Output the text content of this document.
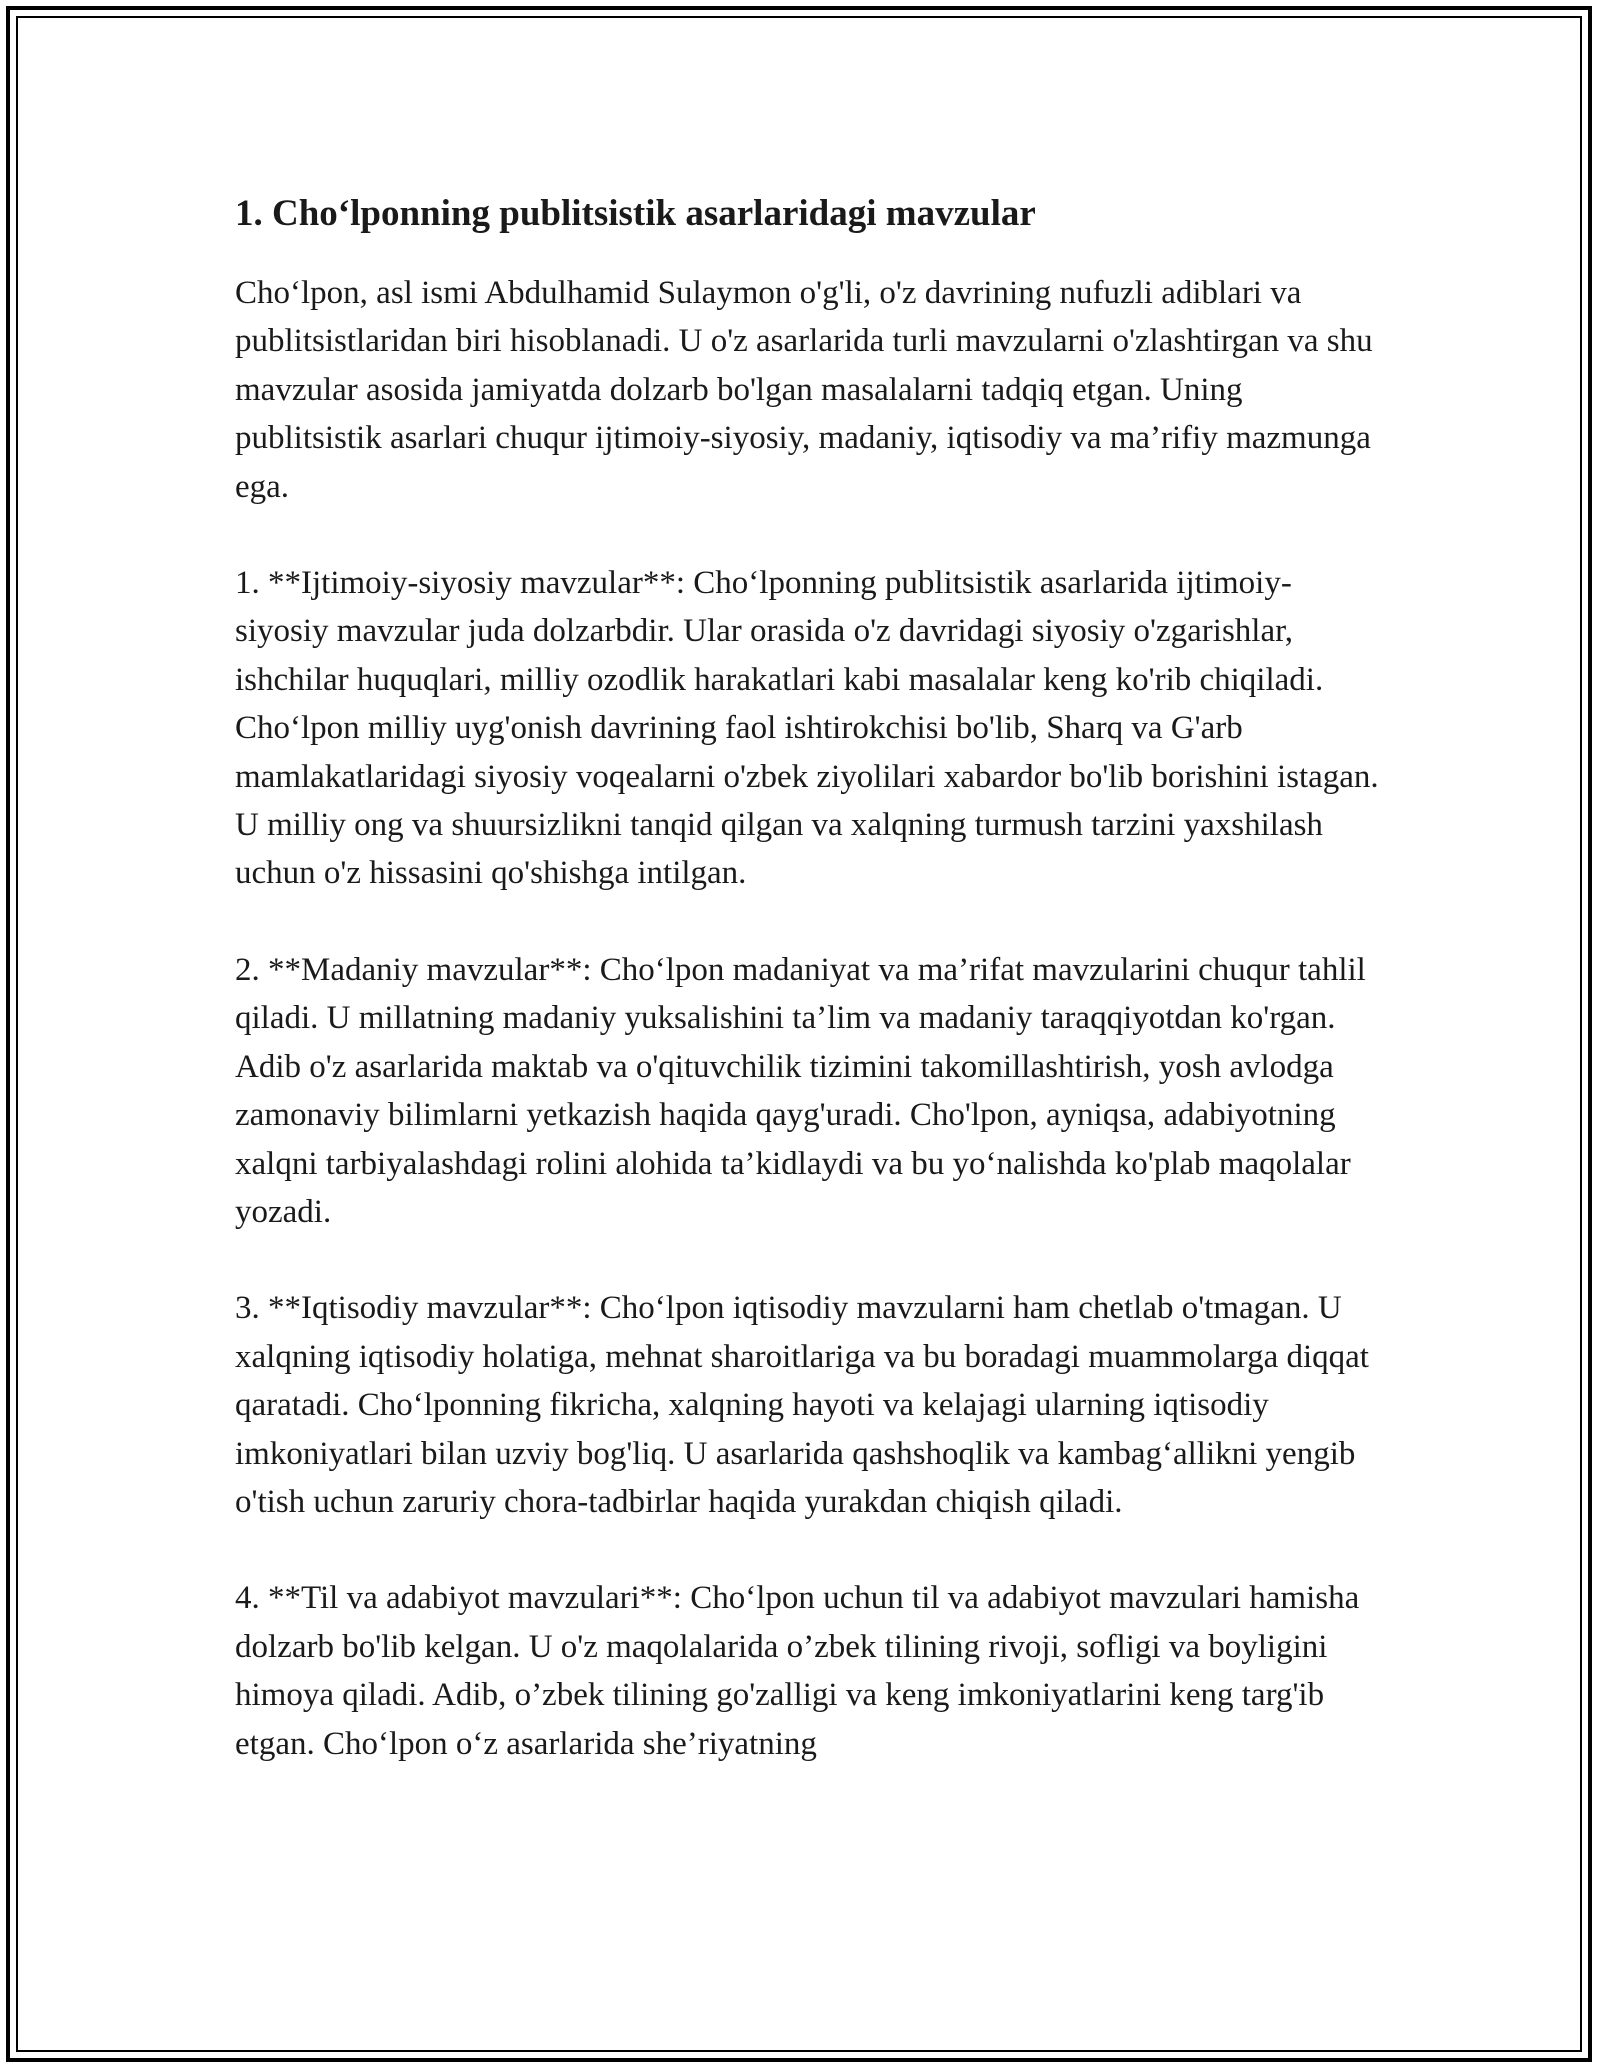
1. Cho‘lponning publitsistik asarlaridagi mavzular

Cho‘lpon, asl ismi Abdulhamid Sulaymon o'g'li, o'z davrining nufuzli adiblari va publitsistlaridan biri hisoblanadi. U o'z asarlarida turli mavzularni o'zlashtirgan va shu mavzular asosida jamiyatda dolzarb bo'lgan masalalarni tadqiq etgan. Uning publitsistik asarlari chuqur ijtimoiy-siyosiy, madaniy, iqtisodiy va ma’rifiy mazmunga ega.

1. **Ijtimoiy-siyosiy mavzular**: Cho‘lponning publitsistik asarlarida ijtimoiy-siyosiy mavzular juda dolzarbdir. Ular orasida o'z davridagi siyosiy o'zgarishlar, ishchilar huquqlari, milliy ozodlik harakatlari kabi masalalar keng ko'rib chiqiladi. Cho‘lpon milliy uyg'onish davrining faol ishtirokchisi bo'lib, Sharq va G'arb mamlakatlaridagi siyosiy voqealarni o'zbek ziyolilari xabardor bo'lib borishini istagan. U milliy ong va shuursizlikni tanqid qilgan va xalqning turmush tarzini yaxshilash uchun o'z hissasini qo'shishga intilgan.

2. **Madaniy mavzular**: Cho‘lpon madaniyat va ma’rifat mavzularini chuqur tahlil qiladi. U millatning madaniy yuksalishini ta’lim va madaniy taraqqiyotdan ko'rgan. Adib o'z asarlarida maktab va o'qituvchilik tizimini takomillashtirish, yosh avlodga zamonaviy bilimlarni yetkazish haqida qayg'uradi. Cho'lpon, ayniqsa, adabiyotning xalqni tarbiyalashdagi rolini alohida ta’kidlaydi va bu yo‘nalishda ko'plab maqolalar yozadi.

3. **Iqtisodiy mavzular**: Cho‘lpon iqtisodiy mavzularni ham chetlab o'tmagan. U xalqning iqtisodiy holatiga, mehnat sharoitlariga va bu boradagi muammolarga diqqat qaratadi. Cho‘lponning fikricha, xalqning hayoti va kelajagi ularning iqtisodiy imkoniyatlari bilan uzviy bog'liq. U asarlarida qashshoqlik va kambag‘allikni yengib o'tish uchun zaruriy chora-tadbirlar haqida yurakdan chiqish qiladi.

4. **Til va adabiyot mavzulari**: Cho‘lpon uchun til va adabiyot mavzulari hamisha dolzarb bo'lib kelgan. U o'z maqolalarida o’zbek tilining rivoji, sofligi va boyligini himoya qiladi. Adib, o’zbek tilining go'zalligi va keng imkoniyatlarini keng targ'ib etgan. Cho‘lpon o‘z asarlarida she’riyatning
